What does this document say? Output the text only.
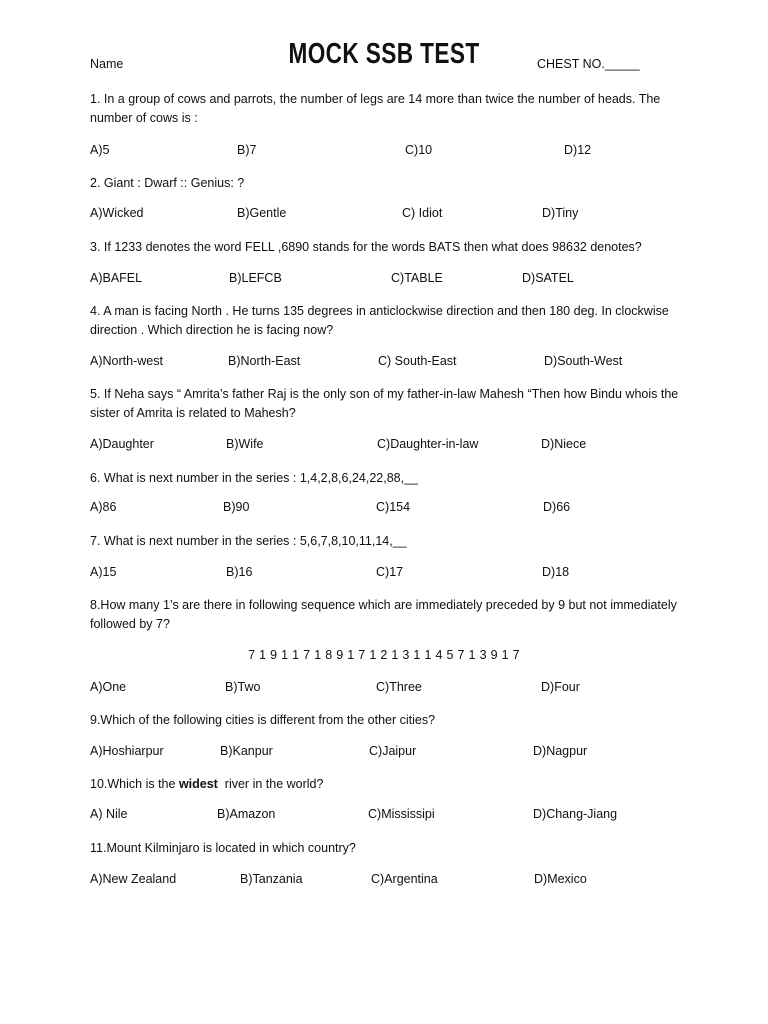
Name	MOCK SSB TEST	CHEST NO._____
1. In a group of cows and parrots, the number of legs are 14 more than twice the number of heads. The number of cows is :
A)5	B)7	C)10	D)12
2. Giant : Dwarf :: Genius: ?
A)Wicked	B)Gentle	C) Idiot	D)Tiny
3. If 1233 denotes the word FELL ,6890 stands for the words BATS then what does 98632 denotes?
A)BAFEL	B)LEFCB	C)TABLE	D)SATEL
4. A man is facing North . He turns 135 degrees in anticlockwise direction and then 180 deg. In clockwise direction . Which direction he is facing now?
A)North-west	B)North-East	C) South-East	D)South-West
5. If Neha says “ Amrita’s father Raj is the only son of my father-in-law Mahesh “Then how Bindu whois the sister of Amrita is related to Mahesh?
A)Daughter	B)Wife	C)Daughter-in-law	D)Niece
6. What is next number in the series : 1,4,2,8,6,24,22,88,__
A)86	B)90	C)154	D)66
7. What is next number in the series : 5,6,7,8,10,11,14,__
A)15	B)16	C)17	D)18
8.How many 1’s are there in following sequence which are immediately preceded by 9 but not immediately followed by 7?
7 1 9 1 1 7 1 8 9 1 7 1 2 1 3 1 1 4 5 7 1 3 9 1 7
A)One	B)Two	C)Three	D)Four
9.Which of the following cities is different from the other cities?
A)Hoshiarpur	B)Kanpur	C)Jaipur	D)Nagpur
10.Which is the widest  river in the world?
A) Nile	B)Amazon	C)Mississipi	D)Chang-Jiang
11.Mount Kilminjaro is located in which country?
A)New Zealand	B)Tanzania	C)Argentina	D)Mexico
